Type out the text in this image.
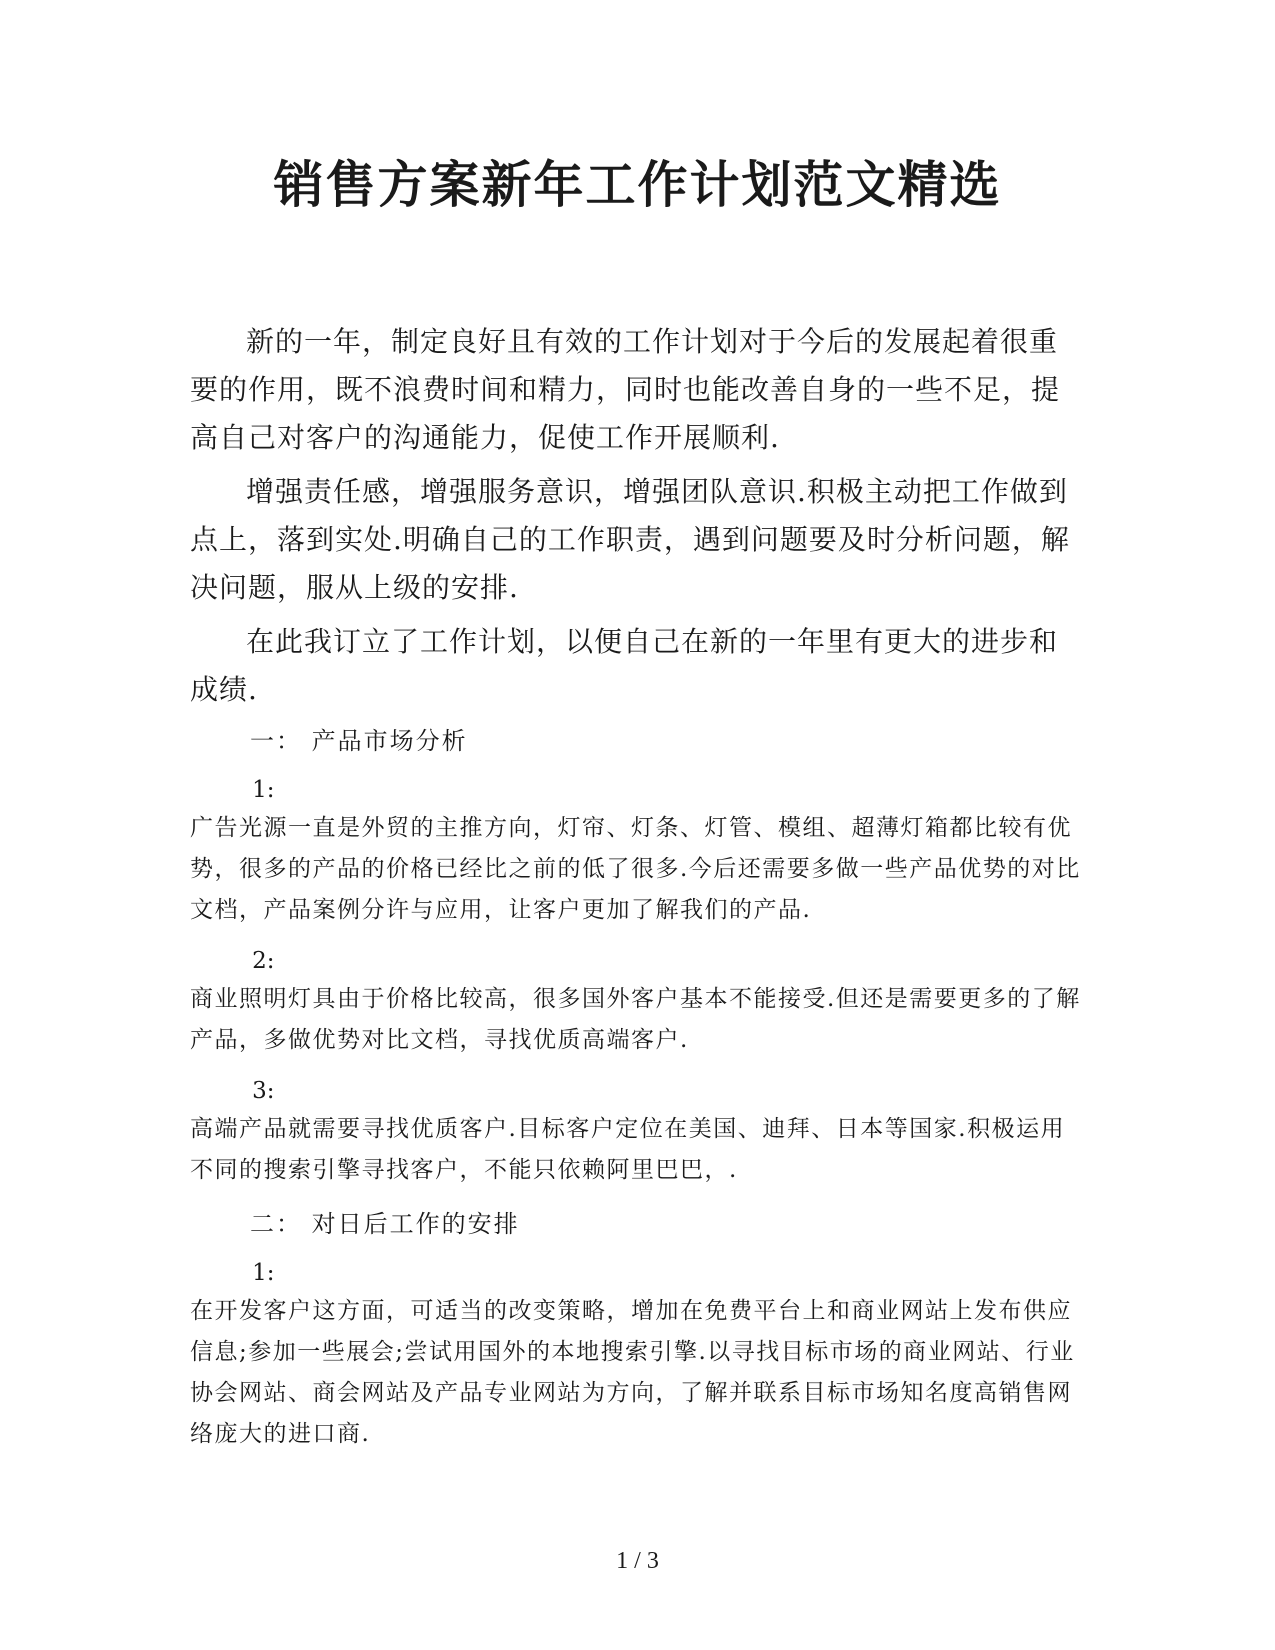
销售方案新年工作计划范文精选

新的一年，制定良好且有效的工作计划对于今后的发展起着很重要的作用，既不浪费时间和精力，同时也能改善自身的一些不足，提高自己对客户的沟通能力，促使工作开展顺利.

增强责任感，增强服务意识，增强团队意识.积极主动把工作做到点上，落到实处.明确自己的工作职责，遇到问题要及时分析问题，解决问题，服从上级的安排.

在此我订立了工作计划，以便自己在新的一年里有更大的进步和成绩.

一： 产品市场分析

1:

广告光源一直是外贸的主推方向，灯帘、灯条、灯管、模组、超薄灯箱都比较有优势，很多的产品的价格已经比之前的低了很多.今后还需要多做一些产品优势的对比文档，产品案例分许与应用，让客户更加了解我们的产品.

2:

商业照明灯具由于价格比较高，很多国外客户基本不能接受.但还是需要更多的了解产品，多做优势对比文档，寻找优质高端客户.

3:

高端产品就需要寻找优质客户.目标客户定位在美国、迪拜、日本等国家.积极运用不同的搜索引擎寻找客户，不能只依赖阿里巴巴，.

二： 对日后工作的安排

1:

在开发客户这方面，可适当的改变策略，增加在免费平台上和商业网站上发布供应信息;参加一些展会;尝试用国外的本地搜索引擎.以寻找目标市场的商业网站、行业协会网站、商会网站及产品专业网站为方向，了解并联系目标市场知名度高销售网络庞大的进口商.

1 / 3
